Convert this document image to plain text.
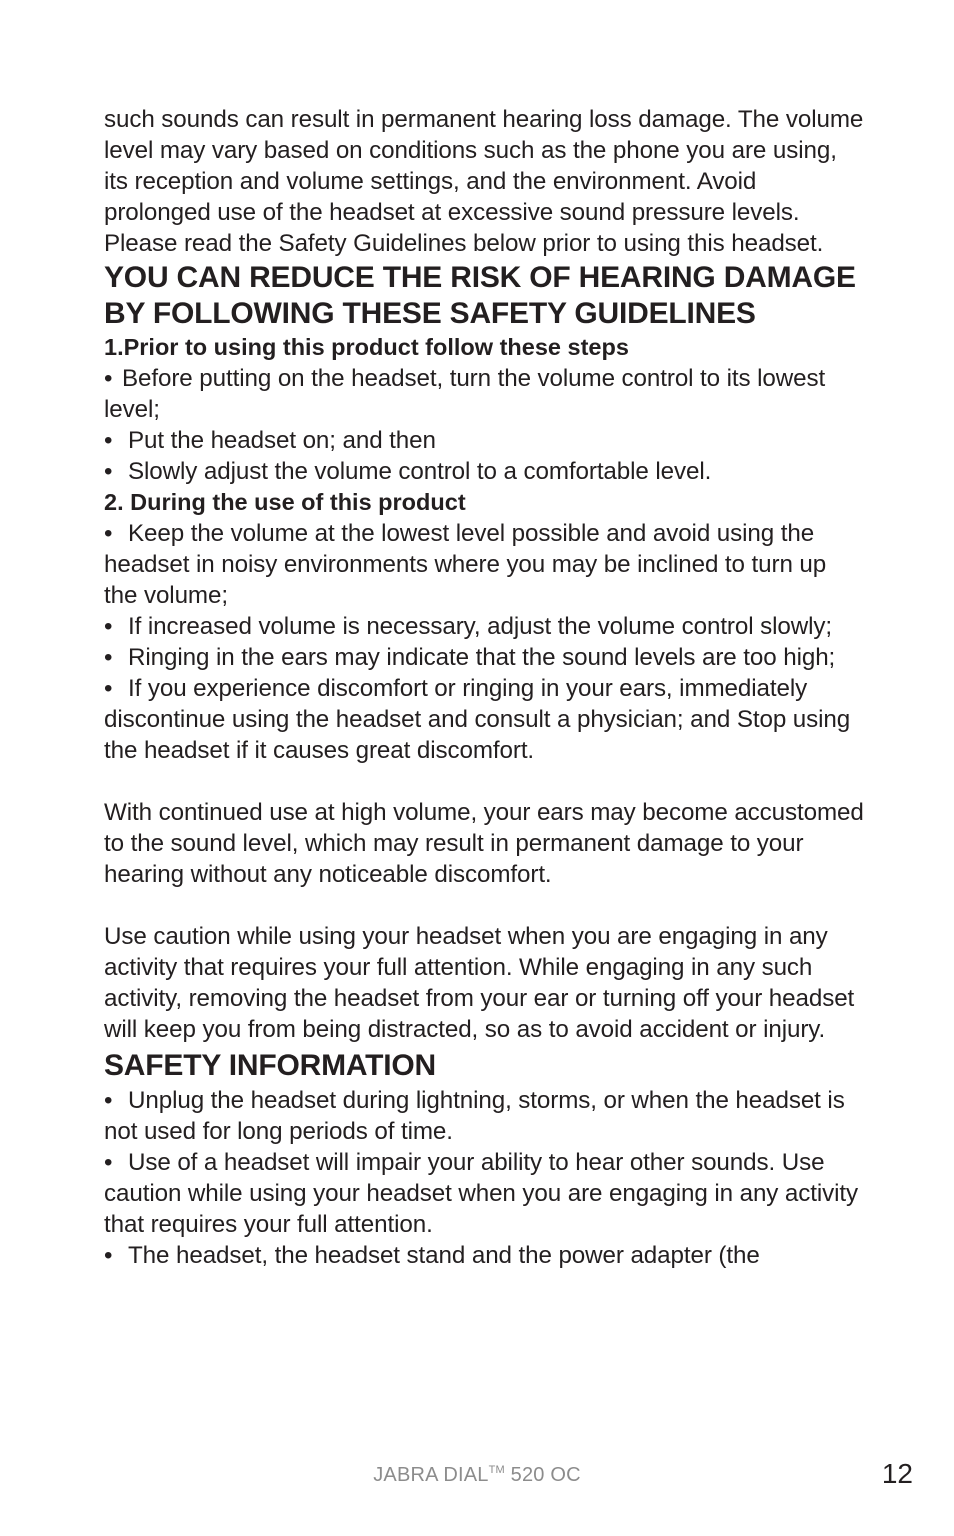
such sounds can result in permanent hearing loss damage. The volume level may vary based on conditions such as the phone you are using, its reception and volume settings, and the environment. Avoid prolonged use of the headset at excessive sound pressure levels. Please read the Safety Guidelines below prior to using this headset.

YOU CAN REDUCE THE RISK OF HEARING DAMAGE BY FOLLOWING THESE SAFETY GUIDELINES

1.Prior to using this product follow these steps

• Before putting on the headset, turn the volume control to its lowest level;

• Put the headset on; and then

• Slowly adjust the volume control to a comfortable level.

2. During the use of this product

• Keep the volume at the lowest level possible and avoid using the headset in noisy environments where you may be inclined to turn up the volume;

• If increased volume is necessary, adjust the volume control slowly;

• Ringing in the ears may indicate that the sound levels are too high;

• If you experience discomfort or ringing in your ears, immediately discontinue using the headset and consult a physician; and Stop using the headset if it causes great discomfort.

With continued use at high volume, your ears may become accustomed to the sound level, which may result in permanent damage to your hearing without any noticeable discomfort.

Use caution while using your headset when you are engaging in any activity that requires your full attention. While engaging in any such activity, removing the headset from your ear or turning off your headset will keep you from being distracted, so as to avoid accident or injury.

SAFETY INFORMATION

• Unplug the headset during lightning, storms, or when the headset is not used for long periods of time.

• Use of a headset will impair your ability to hear other sounds. Use caution while using your headset when you are engaging in any activity that requires your full attention.

• The headset, the headset stand and the power adapter (the

JABRA DIAL™ 520 OC	12
